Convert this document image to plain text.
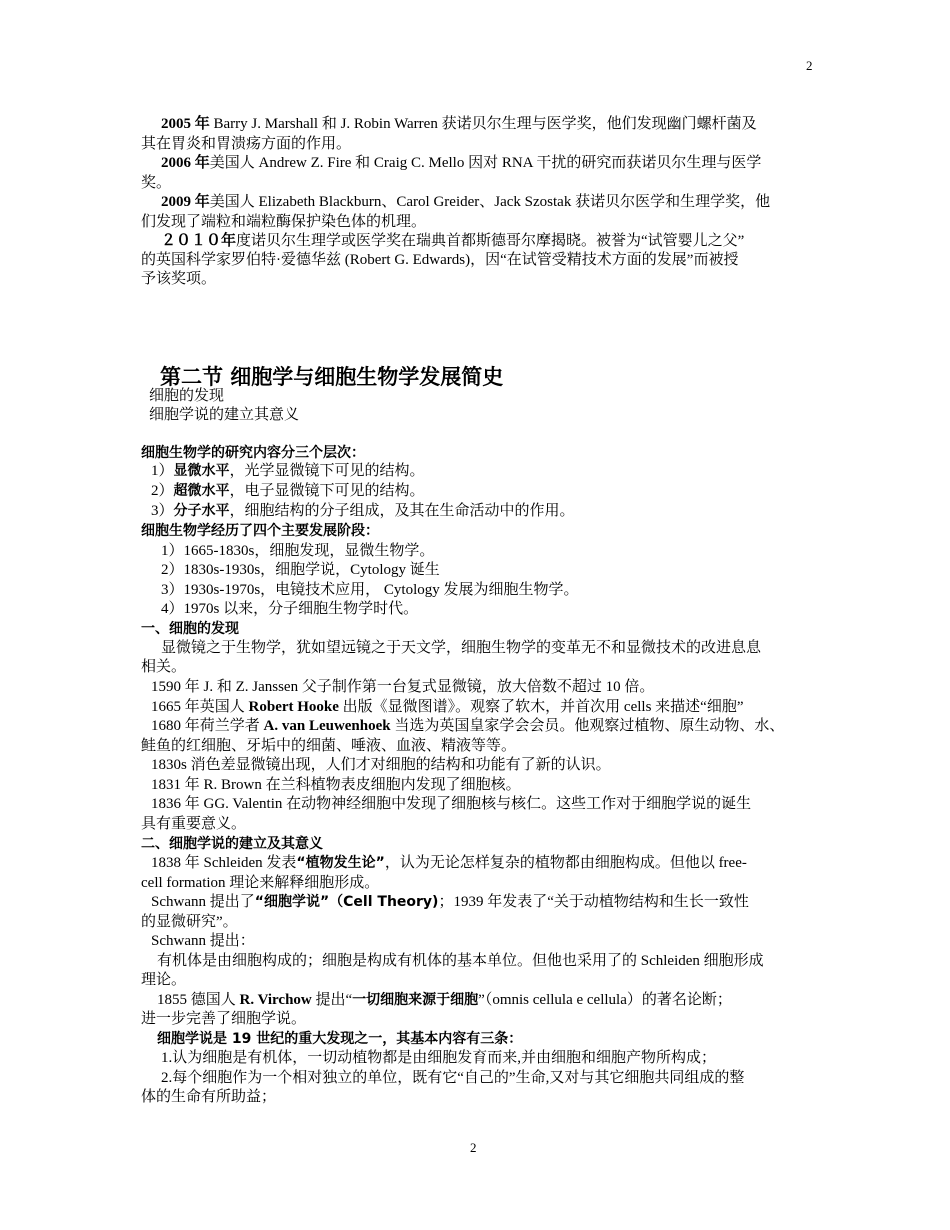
2
2005 年 Barry J. Marshall 和 J. Robin Warren 获诺贝尔生理与医学奖，他们发现幽门螺杆菌及
其在胃炎和胃溃疡方面的作用。
2006 年美国人 Andrew Z. Fire 和 Craig C. Mello 因对 RNA 干扰的研究而获诺贝尔生理与医学
奖。
2009 年美国人 Elizabeth Blackburn、Carol Greider、Jack Szostak 获诺贝尔医学和生理学奖，他
们发现了端粒和端粒酶保护染色体的机理。
２０１０年度诺贝尔生理学或医学奖在瑞典首都斯德哥尔摩揭晓。被誉为“试管婴儿之父”
的英国科学家罗伯特·爱德华兹 (Robert G. Edwards)，因“在试管受精技术方面的发展”而被授
予该奖项。
第二节 细胞学与细胞生物学发展简史
细胞的发现
细胞学说的建立其意义
细胞生物学的研究内容分三个层次：
1）显微水平，光学显微镜下可见的结构。
2）超微水平，电子显微镜下可见的结构。
3）分子水平，细胞结构的分子组成，及其在生命活动中的作用。
细胞生物学经历了四个主要发展阶段：
1）1665-1830s，细胞发现，显微生物学。
2）1830s-1930s，细胞学说，Cytology 诞生
3）1930s-1970s，电镜技术应用， Cytology 发展为细胞生物学。
4）1970s 以来，分子细胞生物学时代。
一、细胞的发现
显微镜之于生物学，犹如望远镜之于天文学，细胞生物学的变革无不和显微技术的改进息息
相关。
1590 年 J. 和 Z. Janssen 父子制作第一台复式显微镜，放大倍数不超过 10 倍。
1665 年英国人 Robert Hooke 出版《显微图谱》。观察了软木，并首次用 cells 来描述“细胞”
1680 年荷兰学者 A. van Leuwenhoek 当选为英国皇家学会会员。他观察过植物、原生动物、水、
鲑鱼的红细胞、牙垢中的细菌、唾液、血液、精液等等。
1830s 消色差显微镜出现，人们才对细胞的结构和功能有了新的认识。
1831 年 R. Brown 在兰科植物表皮细胞内发现了细胞核。
1836 年 GG. Valentin 在动物神经细胞中发现了细胞核与核仁。这些工作对于细胞学说的诞生
具有重要意义。
二、细胞学说的建立及其意义
1838 年 Schleiden 发表“植物发生论”，认为无论怎样复杂的植物都由细胞构成。但他以 free-
cell formation 理论来解释细胞形成。
Schwann 提出了“细胞学说”（Cell Theory)；1939 年发表了“关于动植物结构和生长一致性
的显微研究”。
Schwann 提出：
有机体是由细胞构成的；细胞是构成有机体的基本单位。但他也采用了的 Schleiden 细胞形成
理论。
1855 德国人 R. Virchow 提出“一切细胞来源于细胞”（omnis cellula e cellula）的著名论断；
进一步完善了细胞学说。
细胞学说是 19 世纪的重大发现之一，其基本内容有三条：
1.认为细胞是有机体，一切动植物都是由细胞发育而来,并由细胞和细胞产物所构成；
2.每个细胞作为一个相对独立的单位，既有它“自己的”生命,又对与其它细胞共同组成的整
体的生命有所助益；
2
